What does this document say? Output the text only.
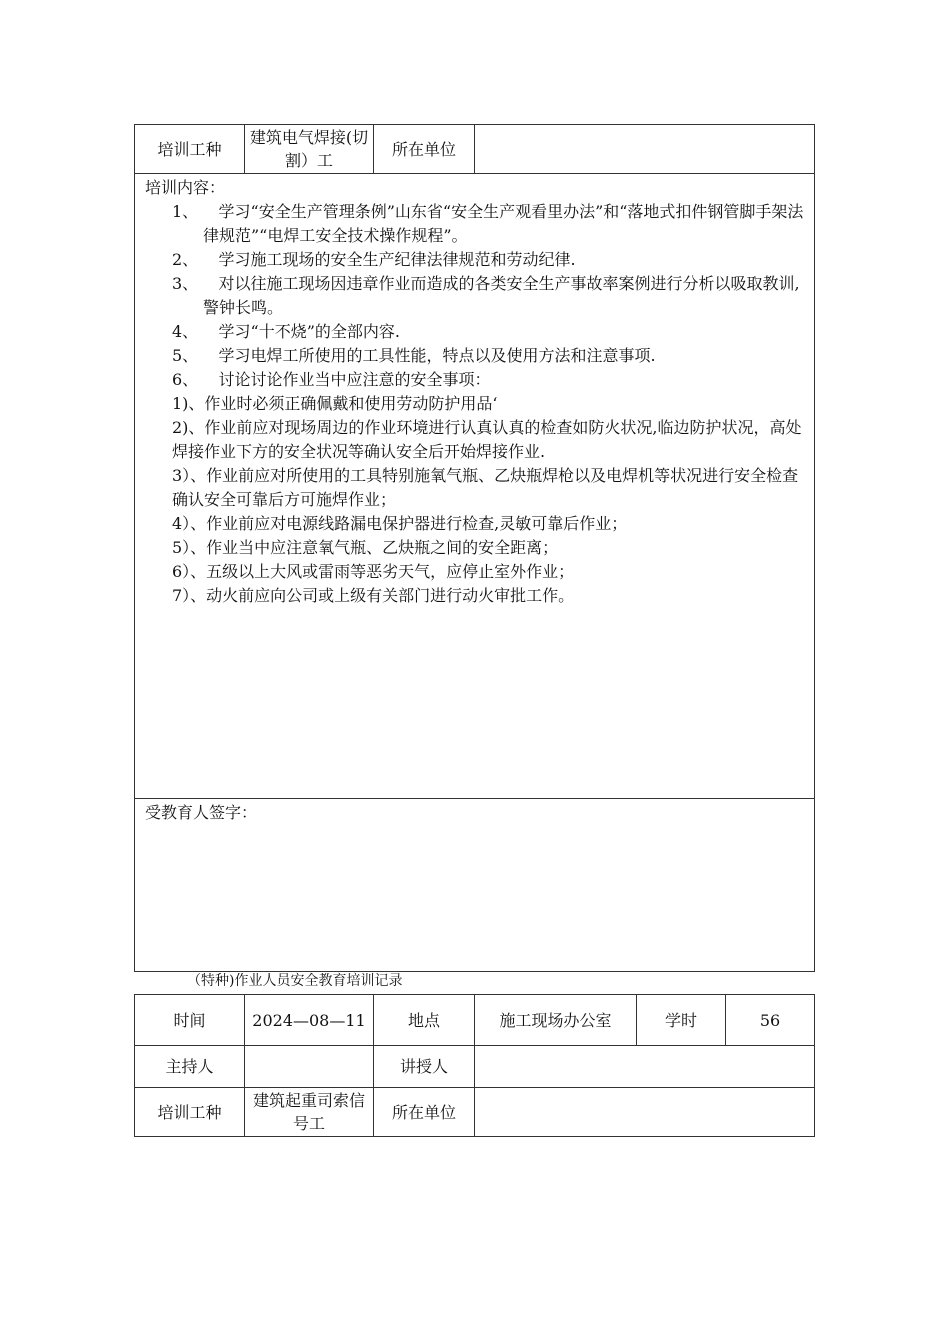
培训工种	建筑电气焊接(切割）工	所在单位	

培训内容：
1、 学习“安全生产管理条例”山东省“安全生产观看里办法”和“落地式扣件钢管脚手架法律规范”“电焊工安全技术操作规程”。
2、 学习施工现场的安全生产纪律法律规范和劳动纪律.
3、 对以往施工现场因违章作业而造成的各类安全生产事故率案例进行分析以吸取教训,警钟长鸣。
4、 学习“十不烧”的全部内容.
5、 学习电焊工所使用的工具性能，特点以及使用方法和注意事项.
6、 讨论讨论作业当中应注意的安全事项：

1)、作业时必须正确佩戴和使用劳动防护用品‘

2)、作业前应对现场周边的作业环境进行认真认真的检查如防火状况,临边防护状况，高处焊接作业下方的安全状况等确认安全后开始焊接作业.

3）、作业前应对所使用的工具特别施氧气瓶、乙炔瓶焊枪以及电焊机等状况进行安全检查确认安全可靠后方可施焊作业；

4）、作业前应对电源线路漏电保护器进行检查,灵敏可靠后作业；

5）、作业当中应注意氧气瓶、乙炔瓶之间的安全距离；

6）、五级以上大风或雷雨等恶劣天气，应停止室外作业；

7）、动火前应向公司或上级有关部门进行动火审批工作。

受教育人签字：
（特种)作业人员安全教育培训记录
时间	2024—08—11	地点	施工现场办公室	学时	56
主持人		讲授人			
培训工种	建筑起重司索信号工	所在单位			
